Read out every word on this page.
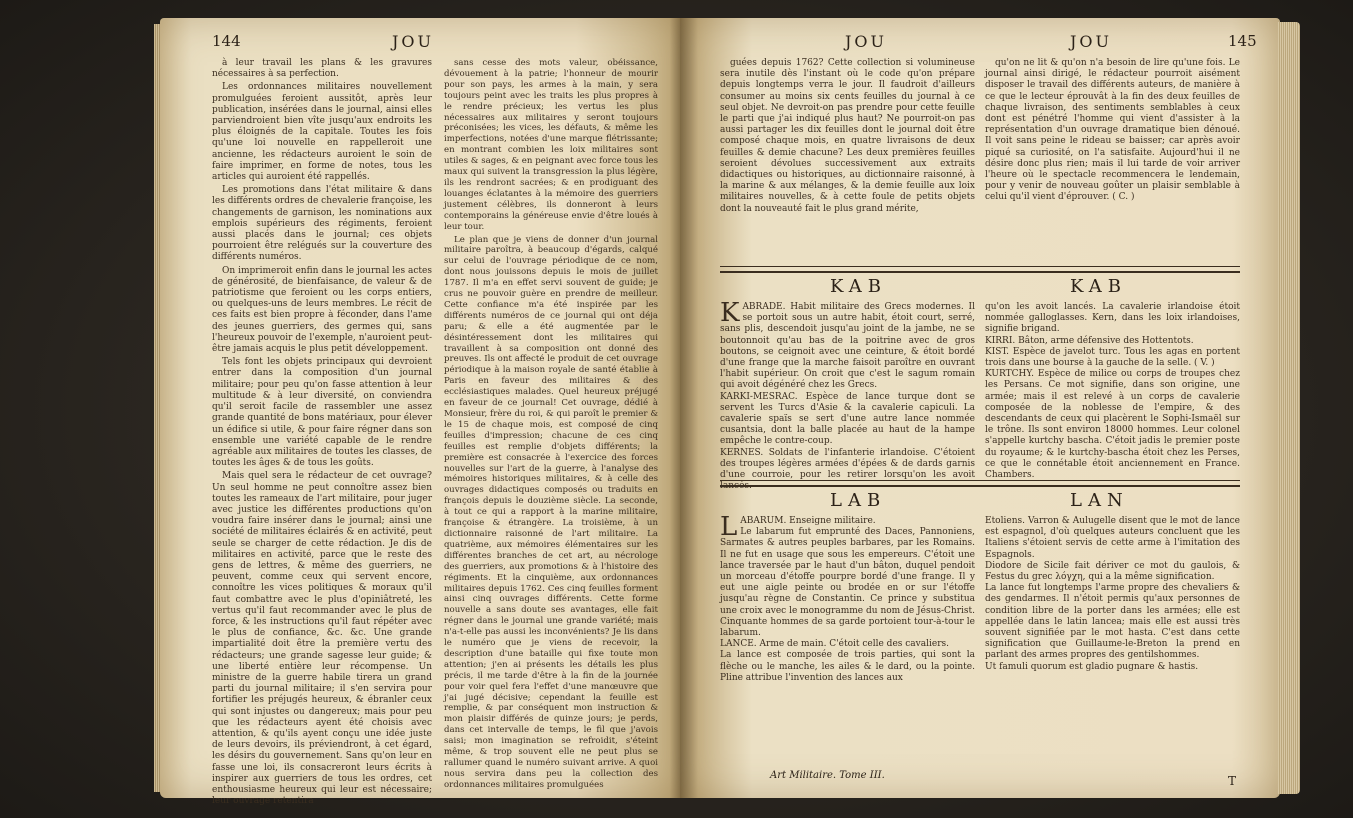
144	JOU

à leur travail les plans & les gravures nécessaires à sa perfection.

Les ordonnances militaires nouvellement promulguées feroient aussitôt, après leur publication, insérées dans le journal, ainsi elles parviendroient bien vîte jusqu'aux endroits les plus éloignés de la capitale. Toutes les fois qu'une loi nouvelle en rappelleroit une ancienne, les rédacteurs auroient le soin de faire imprimer, en forme de notes, tous les articles qui auroient été rappellés.

Les promotions dans l'état militaire & dans les différents ordres de chevalerie françoise, les changements de garnison, les nominations aux emplois supérieurs des régiments, feroient aussi placés dans le journal; ces objets pourroient être relégués sur la couverture des différents numéros.

On imprimeroit enfin dans le journal les actes de générosité, de bienfaisance, de valeur & de patriotisme que feroient ou les corps entiers, ou quelques-uns de leurs membres. Le récit de ces faits est bien propre à féconder, dans l'ame des jeunes guerriers, des germes qui, sans l'heureux pouvoir de l'exemple, n'auroient peut-être jamais acquis le plus petit développement.

Tels font les objets principaux qui devroient entrer dans la composition d'un journal militaire; pour peu qu'on fasse attention à leur multitude & à leur diversité, on conviendra qu'il seroit facile de rassembler une assez grande quantité de bons matériaux, pour élever un édifice si utile, & pour faire régner dans son ensemble une variété capable de le rendre agréable aux militaires de toutes les classes, de toutes les âges & de tous les goûts.

Mais quel sera le rédacteur de cet ouvrage? Un seul homme ne peut connoître assez bien toutes les rameaux de l'art militaire, pour juger avec justice les différentes productions qu'on voudra faire insérer dans le journal; ainsi une société de militaires éclairés & en activité, peut seule se charger de cette rédaction. Je dis de militaires en activité, parce que le reste des gens de lettres, & même des guerriers, ne peuvent, comme ceux qui servent encore, connoître les vices politiques & moraux qu'il faut combattre avec le plus d'opiniâtreté, les vertus qu'il faut recommander avec le plus de force, & les instructions qu'il faut répéter avec le plus de confiance, &c. &c. Une grande impartialité doit être la première vertu des rédacteurs; une grande sagesse leur guide; & une liberté entière leur récompense. Un ministre de la guerre habile tirera un grand parti du journal militaire; il s'en servira pour fortifier les préjugés heureux, & ébranler ceux qui sont injustes ou dangereux; mais pour peu que les rédacteurs ayent été choisis avec attention, & qu'ils ayent conçu une idée juste de leurs devoirs, ils préviendront, à cet égard, les désirs du gouvernement. Sans qu'on leur en fasse une loi, ils consacreront leurs écrits à inspirer aux guerriers de tous les ordres, cet enthousiasme heureux qui leur est nécessaire; leur ouvrage retentira

sans cesse des mots valeur, obéissance, dévouement à la patrie; l'honneur de mourir pour son pays, les armes à la main, y sera toujours peint avec les traits les plus propres à le rendre précieux; les vertus les plus nécessaires aux militaires y seront toujours préconisées; les vices, les défauts, & même les imperfections, notées d'une marque flétrissante; en montrant combien les loix militaires sont utiles & sages, & en peignant avec force tous les maux qui suivent la transgression la plus légère, ils les rendront sacrées; & en prodiguant des louanges éclatantes à la mémoire des guerriers justement célèbres, ils donneront à leurs contemporains la généreuse envie d'être loués à leur tour.

Le plan que je viens de donner d'un journal militaire paroîtra, à beaucoup d'égards, calqué sur celui de l'ouvrage périodique de ce nom, dont nous jouissons depuis le mois de juillet 1787. Il m'a en effet servi souvent de guide; je crus ne pouvoir guère en prendre de meilleur. Cette confiance m'a été inspirée par les différents numéros de ce journal qui ont déja paru; & elle a été augmentée par le désintéressement dont les militaires qui travaillent à sa composition ont donné des preuves. Ils ont affecté le produit de cet ouvrage périodique à la maison royale de santé établie à Paris en faveur des militaires & des ecclésiastiques malades. Quel heureux préjugé en faveur de ce journal! Cet ouvrage, dédié à Monsieur, frère du roi, & qui paroît le premier & le 15 de chaque mois, est composé de cinq feuilles d'impression; chacune de ces cinq feuilles est remplie d'objets différents; la première est consacrée à l'exercice des forces nouvelles sur l'art de la guerre, à l'analyse des mémoires historiques militaires, & à celle des ouvrages didactiques composés ou traduits en françois depuis le douzième siècle. La seconde, à tout ce qui a rapport à la marine militaire, françoise & étrangère. La troisième, à un dictionnaire raisonné de l'art militaire. La quatrième, aux mémoires élémentaires sur les différentes branches de cet art, au nécrologe des guerriers, aux promotions & à l'histoire des régiments. Et la cinquième, aux ordonnances militaires depuis 1762. Ces cinq feuilles forment ainsi cinq ouvrages différents. Cette forme nouvelle a sans doute ses avantages, elle fait régner dans le journal une grande variété; mais n'a-t-elle pas aussi les inconvénients? Je lis dans le numéro que je viens de recevoir, la description d'une bataille qui fixe toute mon attention; j'en ai présents les détails les plus précis, il me tarde d'être à la fin de la journée pour voir quel fera l'effet d'une manœuvre que j'ai jugé décisive; cependant la feuille est remplie, & par conséquent mon instruction & mon plaisir différés de quinze jours; je perds, dans cet intervalle de temps, le fil que j'avois saisi; mon imagination se refroidit, s'éteint même, & trop souvent elle ne peut plus se rallumer quand le numéro suivant arrive. A quoi nous servira dans peu la collection des ordonnances militaires promulguées

JOU	JOU	145

guées depuis 1762? Cette collection si volumineuse sera inutile dès l'instant où le code qu'on prépare depuis longtemps verra le jour. Il faudroit d'ailleurs consumer au moins six cents feuilles du journal à ce seul objet. Ne devroit-on pas prendre pour cette feuille le parti que j'ai indiqué plus haut? Ne pourroit-on pas aussi partager les dix feuilles dont le journal doit être composé chaque mois, en quatre livraisons de deux feuilles & demie chacune? Les deux premières feuilles seroient dévolues successivement aux extraits didactiques ou historiques, au dictionnaire raisonné, à la marine & aux mélanges, & la demie feuille aux loix militaires nouvelles, & à cette foule de petits objets dont la nouveauté fait le plus grand mérite,

qu'on ne lit & qu'on n'a besoin de lire qu'une fois. Le journal ainsi dirigé, le rédacteur pourroit aisément disposer le travail des différents auteurs, de manière à ce que le lecteur éprouvât à la fin des deux feuilles de chaque livraison, des sentiments semblables à ceux dont est pénétré l'homme qui vient d'assister à la représentation d'un ouvrage dramatique bien dénoué. Il voit sans peine le rideau se baisser; car après avoir piqué sa curiosité, on l'a satisfaite. Aujourd'hui il ne désire donc plus rien; mais il lui tarde de voir arriver l'heure où le spectacle recommencera le lendemain, pour y venir de nouveau goûter un plaisir semblable à celui qu'il vient d'éprouver. ( C. )

KAB	KAB
K ABRADE. Habit militaire des Grecs modernes. Il se portoit sous un autre habit, étoit court, serré, sans plis, descendoit jusqu'au joint de la jambe, ne se boutonnoit qu'au bas de la poitrine avec de gros boutons, se ceignoit avec une ceinture, & étoit bordé d'une frange que la marche faisoit paroître en ouvrant l'habit supérieur. On croit que c'est le sagum romain qui avoit dégénéré chez les Grecs.
KARKI-MESRAC. Espèce de lance turque dont se servent les Turcs d'Asie & la cavalerie capiculi. La cavalerie spaïs se sert d'une autre lance nommée cusantsia, dont la balle placée au haut de la hampe empêche le contre-coup.
KERNES. Soldats de l'infanterie irlandoise. C'étoient des troupes légères armées d'épées & de dards garnis d'une courroie, pour les retirer lorsqu'on les avoit lancés.
qu'on les avoit lancés. La cavalerie irlandoise étoit nommée galloglasses. Kern, dans les loix irlandoises, signifie brigand.
KIRRI. Bâton, arme défensive des Hottentots.
KIST. Espèce de javelot turc. Tous les agas en portent trois dans une bourse à la gauche de la selle. ( V. )
KURTCHY. Espèce de milice ou corps de troupes chez les Persans. Ce mot signifie, dans son origine, une armée; mais il est relevé à un corps de cavalerie composée de la noblesse de l'empire, & des descendants de ceux qui placèrent le Sophi-Ismaël sur le trône. Ils sont environ 18000 hommes. Leur colonel s'appelle kurtchy bascha. C'étoit jadis le premier poste du royaume; & le kurtchy-bascha étoit chez les Perses, ce que le connétable étoit anciennement en France. Chambers.
LAB	LAN
L ABARUM. Enseigne militaire.
Le labarum fut emprunté des Daces, Pannoniens, Sarmates & autres peuples barbares, par les Romains. Il ne fut en usage que sous les empereurs. C'étoit une lance traversée par le haut d'un bâton, duquel pendoit un morceau d'étoffe pourpre bordé d'une frange. Il y eut une aigle peinte ou brodée en or sur l'étoffe jusqu'au règne de Constantin. Ce prince y substitua une croix avec le monogramme du nom de Jésus-Christ. Cinquante hommes de sa garde portoient tour-à-tour le labarum.
LANCE. Arme de main. C'étoit celle des cavaliers.
La lance est composée de trois parties, qui sont la flèche ou le manche, les ailes & le dard, ou la pointe. Pline attribue l'invention des lances aux
Art Militaire. Tome III.
Etoliens. Varron & Aulugelle disent que le mot de lance est espagnol, d'où quelques auteurs concluent que les Italiens s'étoient servis de cette arme à l'imitation des Espagnols.
Diodore de Sicile fait dériver ce mot du gaulois, & Festus du grec λόγχη, qui a la même signification.
La lance fut longtemps l'arme propre des chevaliers & des gendarmes. Il n'étoit permis qu'aux personnes de condition libre de la porter dans les armées; elle est appellée dans le latin lancea; mais elle est aussi très souvent signifiée par le mot hasta. C'est dans cette signification que Guillaume-le-Breton la prend en parlant des armes propres des gentilshommes.
Ut famuli quorum est gladio pugnare & hastis.
T
